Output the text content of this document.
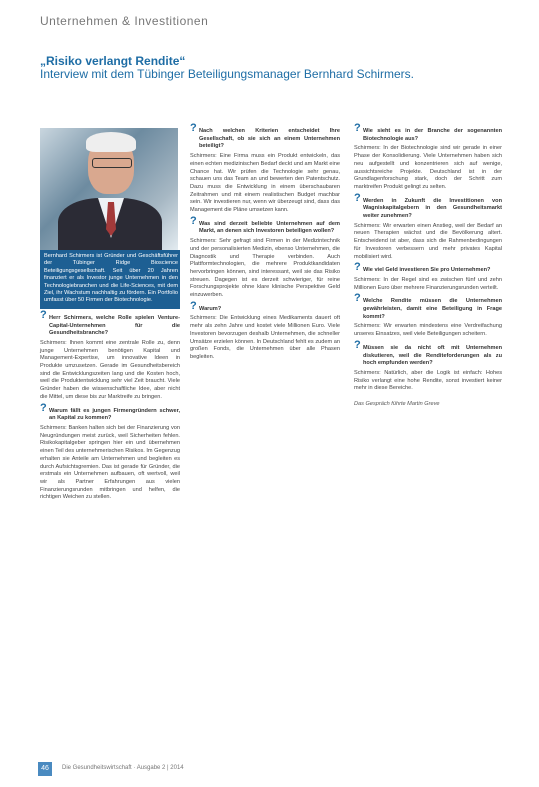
Unternehmen & Investitionen
„Risiko verlangt Rendite“
Interview mit dem Tübinger Beteiligungsmanager Bernhard Schirmers.
Bernhard Schirmers ist Gründer und Geschäftsführer der Tübinger Ridge Bioscience Beteiligungsgesellschaft. Seit über 20 Jahren finanziert er als Investor junge Unternehmen in den Technologiebranchen und die Life-Sciences, mit dem Ziel, ihr Wachstum nachhaltig zu fördern. Ein Portfolio umfasst über 50 Firmen der Biotechnologie.

? Herr Schirmers, welche Rolle spielen Venture-Capital-Unternehmen für die Gesundheitsbranche?

Schirmers: Ihnen kommt eine zentrale Rolle zu, denn junge Unternehmen benötigen Kapital und Management-Expertise, um innovative Ideen in Produkte umzusetzen. Gerade im Gesundheitsbereich sind die Entwicklungszeiten lang und die Kosten hoch, weil die Produktentwicklung sehr viel Zeit braucht. Viele Gründer haben die wissenschaftliche Idee, aber nicht die Mittel, um diese bis zur Marktreife zu bringen.

? Warum fällt es jungen Firmengründern schwer, an Kapital zu kommen?

Schirmers: Banken halten sich bei der Finanzierung von Neugründungen meist zurück, weil Sicherheiten fehlen. Risikokapitalgeber springen hier ein und übernehmen einen Teil des unternehmerischen Risikos. Im Gegenzug erhalten sie Anteile am Unternehmen und begleiten es durch Aufsichtsgremien. Das ist gerade für Gründer, die erstmals ein Unternehmen aufbauen, oft wertvoll, weil wir als Partner Erfahrungen aus vielen Finanzierungsrunden mitbringen und helfen, die richtigen Weichen zu stellen.

? Nach welchen Kriterien entscheidet Ihre Gesellschaft, ob sie sich an einem Unternehmen beteiligt?

Schirmers: Eine Firma muss ein Produkt entwickeln, das einen echten medizinischen Bedarf deckt und am Markt eine Chance hat. Wir prüfen die Technologie sehr genau, schauen uns das Team an und bewerten den Patentschutz. Dazu muss die Entwicklung in einem überschaubaren Zeitrahmen und mit einem realistischen Budget machbar sein. Wir investieren nur, wenn wir überzeugt sind, dass das Management die Pläne umsetzen kann.

? Was sind derzeit beliebte Unternehmen auf dem Markt, an denen sich Investoren beteiligen wollen?

Schirmers: Sehr gefragt sind Firmen in der Medizintechnik und der personalisierten Medizin, ebenso Unternehmen, die Diagnostik und Therapie verbinden. Auch Plattformtechnologien, die mehrere Produktkandidaten hervorbringen können, sind interessant, weil sie das Risiko streuen. Dagegen ist es derzeit schwieriger, für reine Forschungsprojekte ohne klare klinische Perspektive Geld einzuwerben.

? Warum?

Schirmers: Die Entwicklung eines Medikaments dauert oft mehr als zehn Jahre und kostet viele Millionen Euro. Viele Investoren bevorzugen deshalb Unternehmen, die schneller Umsätze erzielen können. In Deutschland fehlt es zudem an großen Fonds, die Unternehmen über alle Phasen begleiten.

? Wie sieht es in der Branche der sogenannten Biotechnologie aus?

Schirmers: In der Biotechnologie sind wir gerade in einer Phase der Konsolidierung. Viele Unternehmen haben sich neu aufgestellt und konzentrieren sich auf wenige, aussichtsreiche Projekte. Deutschland ist in der Grundlagenforschung stark, doch der Schritt zum marktreifen Produkt gelingt zu selten.

? Werden in Zukunft die Investitionen von Wagniskapitalgebern in den Gesundheitsmarkt weiter zunehmen?

Schirmers: Wir erwarten einen Anstieg, weil der Bedarf an neuen Therapien wächst und die Bevölkerung altert. Entscheidend ist aber, dass sich die Rahmenbedingungen für Investoren verbessern und mehr privates Kapital mobilisiert wird.

? Wie viel Geld investieren Sie pro Unternehmen?

Schirmers: In der Regel sind es zwischen fünf und zehn Millionen Euro über mehrere Finanzierungsrunden verteilt.

? Welche Rendite müssen die Unternehmen gewährleisten, damit eine Beteiligung in Frage kommt?

Schirmers: Wir erwarten mindestens eine Verdreifachung unseres Einsatzes, weil viele Beteiligungen scheitern.

? Müssen sie da nicht oft mit Unternehmen diskutieren, weil die Renditeforderungen als zu hoch empfunden werden?

Schirmers: Natürlich, aber die Logik ist einfach: Hohes Risiko verlangt eine hohe Rendite, sonst investiert keiner mehr in diese Bereiche.

Das Gespräch führte Martin Greve
46	Die Gesundheitswirtschaft · Ausgabe 2 | 2014
